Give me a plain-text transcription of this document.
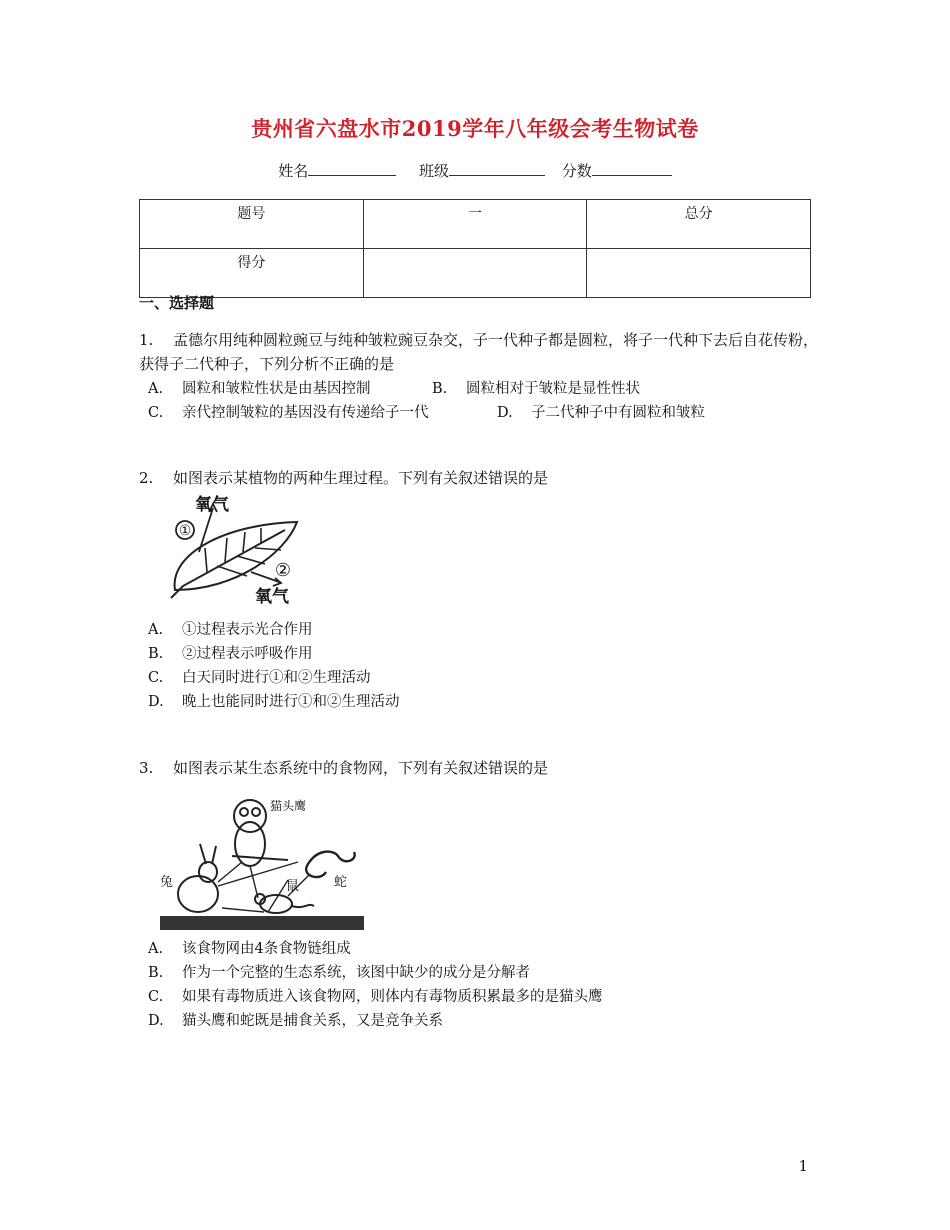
贵州省六盘水市2019学年八年级会考生物试卷
姓名	班级	分数
题号	一	总分
得分		
一、选择题
1. 孟德尔用纯种圆粒豌豆与纯种皱粒豌豆杂交，子一代种子都是圆粒，将子一代种下去后自花传粉，获得子二代种子，下列分析不正确的是
A. 圆粒和皱粒性状是由基因控制	B. 圆粒相对于皱粒是显性性状
C. 亲代控制皱粒的基因没有传递给子一代	D. 子二代种子中有圆粒和皱粒
2. 如图表示某植物的两种生理过程。下列有关叙述错误的是
①
②
氧气
氧气
A. ①过程表示光合作用
B. ②过程表示呼吸作用
C. 白天同时进行①和②生理活动
D. 晚上也能同时进行①和②生理活动
3. 如图表示某生态系统中的食物网，下列有关叙述错误的是
猫头鹰
兔	鼠	蛇
A. 该食物网由4条食物链组成
B. 作为一个完整的生态系统，该图中缺少的成分是分解者
C. 如果有毒物质进入该食物网，则体内有毒物质积累最多的是猫头鹰
D. 猫头鹰和蛇既是捕食关系，又是竞争关系
1
